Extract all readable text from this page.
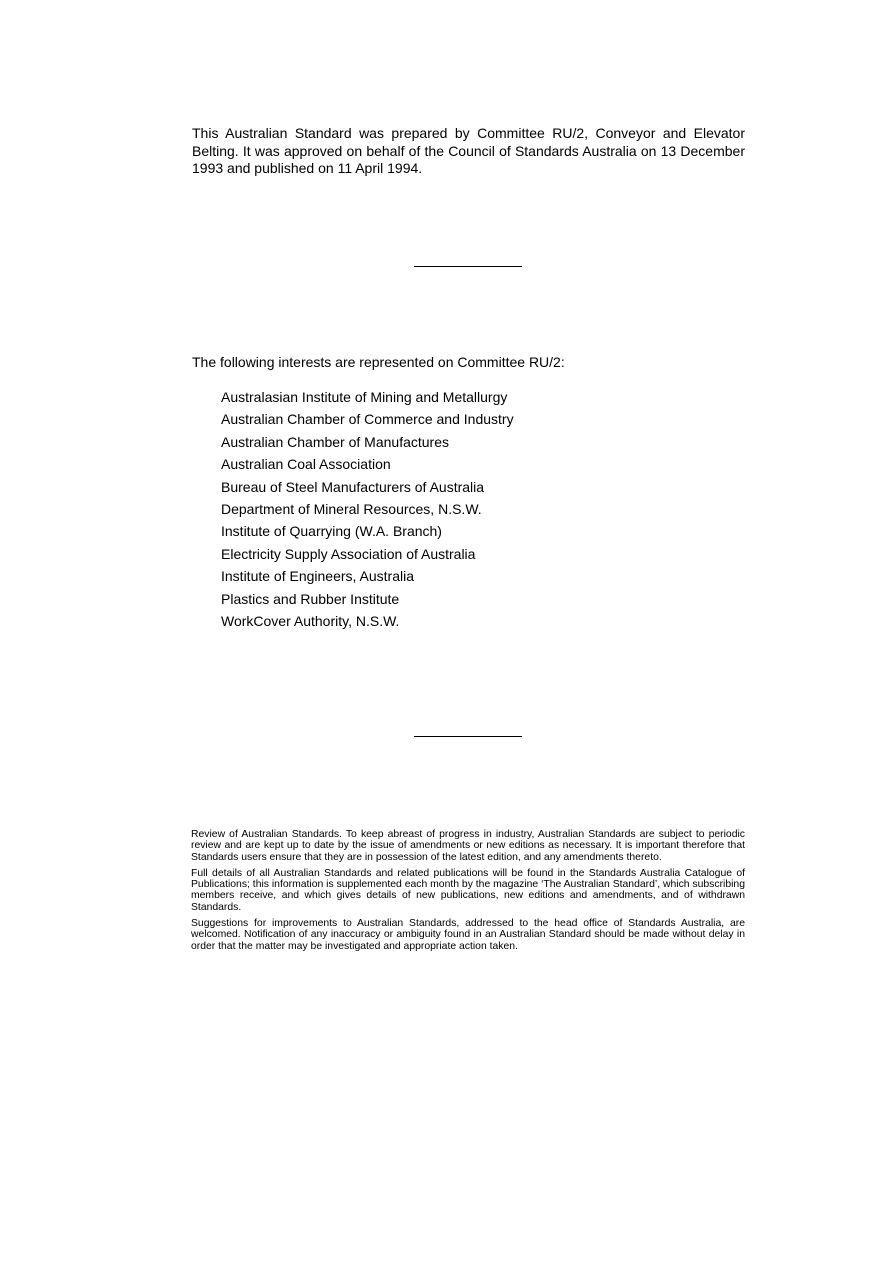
This Australian Standard was prepared by Committee RU/2, Conveyor and Elevator Belting. It was approved on behalf of the Council of Standards Australia on 13 December 1993 and published on 11 April 1994.

The following interests are represented on Committee RU/2:

Australasian Institute of Mining and Metallurgy
Australian Chamber of Commerce and Industry
Australian Chamber of Manufactures
Australian Coal Association
Bureau of Steel Manufacturers of Australia
Department of Mineral Resources, N.S.W.
Institute of Quarrying (W.A. Branch)
Electricity Supply Association of Australia
Institute of Engineers, Australia
Plastics and Rubber Institute
WorkCover Authority, N.S.W.

Review of Australian Standards. To keep abreast of progress in industry, Australian Standards are subject to periodic review and are kept up to date by the issue of amendments or new editions as necessary. It is important therefore that Standards users ensure that they are in possession of the latest edition, and any amendments thereto.

Full details of all Australian Standards and related publications will be found in the Standards Australia Catalogue of Publications; this information is supplemented each month by the magazine ‘The Australian Standard’, which subscribing members receive, and which gives details of new publications, new editions and amendments, and of withdrawn Standards.

Suggestions for improvements to Australian Standards, addressed to the head office of Standards Australia, are welcomed. Notification of any inaccuracy or ambiguity found in an Australian Standard should be made without delay in order that the matter may be investigated and appropriate action taken.
